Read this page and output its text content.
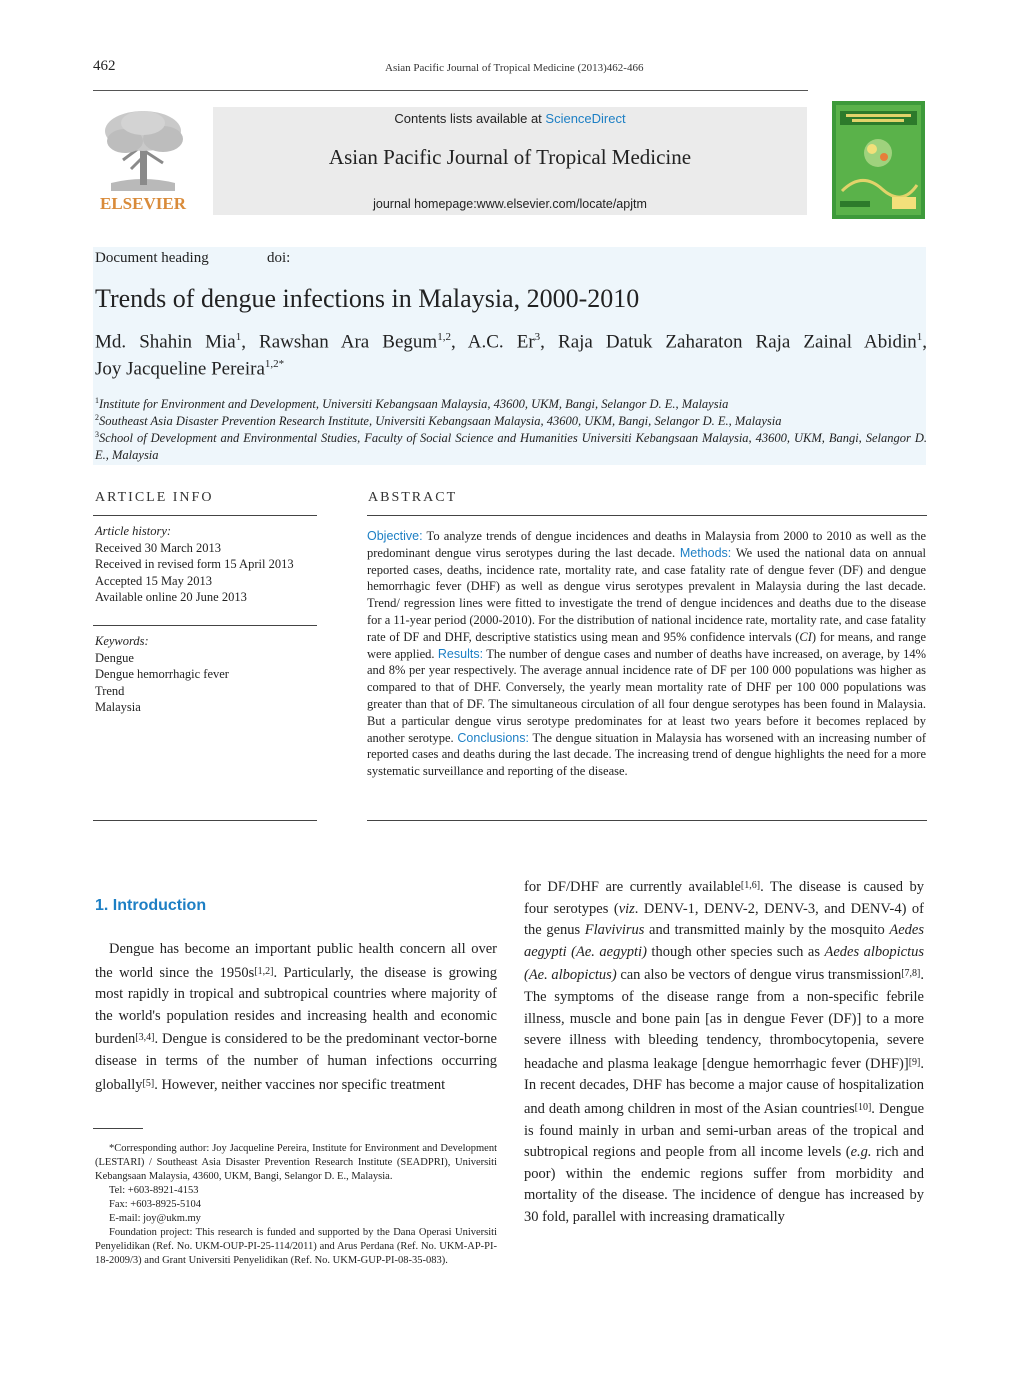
462	Asian Pacific Journal of Tropical Medicine (2013)462-466
ELSEVIER
Contents lists available at ScienceDirect
Asian Pacific Journal of Tropical Medicine
journal homepage:www.elsevier.com/locate/apjtm
Document heading	doi:
Trends of dengue infections in Malaysia, 2000-2010
Md. Shahin Mia$^1$, Rawshan Ara Begum$^{1,2}$, A.C. Er$^3$, Raja Datuk Zaharaton Raja Zainal Abidin$^1$,
Joy Jacqueline Pereira$^{1,2*}$
$^1$Institute for Environment and Development, Universiti Kebangsaan Malaysia, 43600, UKM, Bangi, Selangor D. E., Malaysia
$^2$Southeast Asia Disaster Prevention Research Institute, Universiti Kebangsaan Malaysia, 43600, UKM, Bangi, Selangor D. E., Malaysia
$^3$School of Development and Environmental Studies, Faculty of Social Science and Humanities Universiti Kebangsaan Malaysia, 43600, UKM, Bangi, Selangor D. E., Malaysia
ARTICLE INFO	ABSTRACT
Article history:
Received 30 March 2013
Received in revised form 15 April 2013
Accepted 15 May 2013
Available online 20 June 2013
Keywords:
Dengue
Dengue hemorrhagic fever
Trend
Malaysia
Objective: To analyze trends of dengue incidences and deaths in Malaysia from 2000 to 2010 as well as the predominant dengue virus serotypes during the last decade. Methods: We used the national data on annual reported cases, deaths, incidence rate, mortality rate, and case fatality rate of dengue fever (DF) and dengue hemorrhagic fever (DHF) as well as dengue virus serotypes prevalent in Malaysia during the last decade. Trend/ regression lines were fitted to investigate the trend of dengue incidences and deaths due to the disease for a 11-year period (2000-2010). For the distribution of national incidence rate, mortality rate, and case fatality rate of DF and DHF, descriptive statistics using mean and 95% confidence intervals (CI) for means, and range were applied. Results: The number of dengue cases and number of deaths have increased, on average, by 14% and 8% per year respectively. The average annual incidence rate of DF per 100 000 populations was higher as compared to that of DHF. Conversely, the yearly mean mortality rate of DHF per 100 000 populations was greater than that of DF. The simultaneous circulation of all four dengue serotypes has been found in Malaysia. But a particular dengue virus serotype predominates for at least two years before it becomes replaced by another serotype. Conclusions: The dengue situation in Malaysia has worsened with an increasing number of reported cases and deaths during the last decade. The increasing trend of dengue highlights the need for a more systematic surveillance and reporting of the disease.
1. Introduction
Dengue has become an important public health concern all over the world since the 1950s[1,2]. Particularly, the disease is growing most rapidly in tropical and subtropical countries where majority of the world's population resides and increasing health and economic burden[3,4]. Dengue is considered to be the predominant vector-borne disease in terms of the number of human infections occurring globally[5]. However, neither vaccines nor specific treatment
for DF/DHF are currently available[1,6]. The disease is caused by four serotypes (viz. DENV-1, DENV-2, DENV-3, and DENV-4) of the genus Flavivirus and transmitted mainly by the mosquito Aedes aegypti (Ae. aegypti) though other species such as Aedes albopictus (Ae. albopictus) can also be vectors of dengue virus transmission[7,8]. The symptoms of the disease range from a non-specific febrile illness, muscle and bone pain [as in dengue Fever (DF)] to a more severe illness with bleeding tendency, thrombocytopenia, severe headache and plasma leakage [dengue hemorrhagic fever (DHF)][9]. In recent decades, DHF has become a major cause of hospitalization and death among children in most of the Asian countries[10]. Dengue is found mainly in urban and semi-urban areas of the tropical and subtropical regions and people from all income levels (e.g. rich and poor) within the endemic regions suffer from morbidity and mortality of the disease. The incidence of dengue has increased by 30 fold, parallel with increasing dramatically

*Corresponding author: Joy Jacqueline Pereira, Institute for Environment and Development (LESTARI) / Southeast Asia Disaster Prevention Research Institute (SEADPRI), Universiti Kebangsaan Malaysia, 43600, UKM, Bangi, Selangor D. E., Malaysia.

Tel: +603-8921-4153

Fax: +603-8925-5104

E-mail: joy@ukm.my

Foundation project: This research is funded and supported by the Dana Operasi Universiti Penyelidikan (Ref. No. UKM-OUP-PI-25-114/2011) and Arus Perdana (Ref. No. UKM-AP-PI-18-2009/3) and Grant Universiti Penyelidikan (Ref. No. UKM-GUP-PI-08-35-083).
